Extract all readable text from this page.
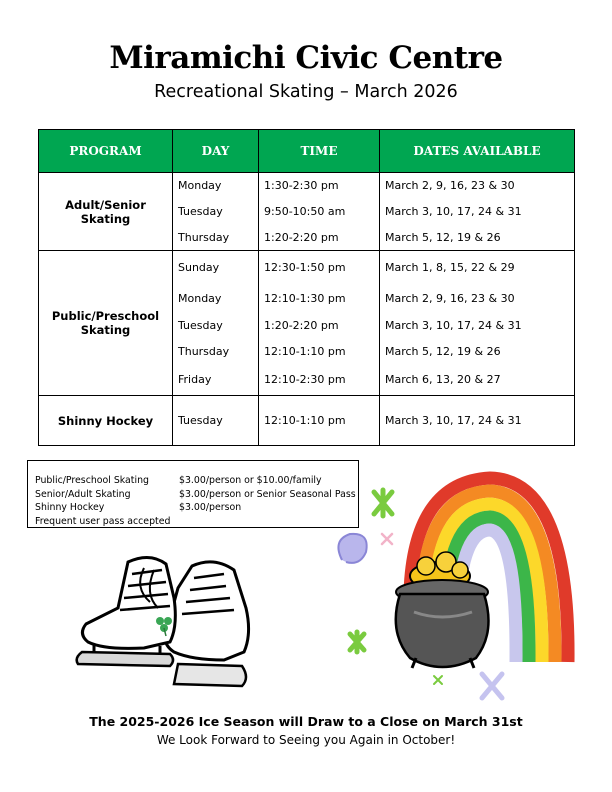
Miramichi Civic Centre
Recreational Skating – March 2026
PROGRAM	DAY	TIME	DATES AVAILABLE
Adult/Senior Skating	Monday	1:30-2:30 pm	March 2, 9, 16, 23 & 30
	Tuesday	9:50-10:50 am	March 3, 10, 17, 24 & 31
	Thursday	1:20-2:20 pm	March 5, 12, 19 & 26
Public/Preschool Skating	Sunday	12:30-1:50 pm	March 1, 8, 15, 22 & 29
	Monday	12:10-1:30 pm	March 2, 9, 16, 23 & 30
	Tuesday	1:20-2:20 pm	March 3, 10, 17, 24 & 31
	Thursday	12:10-1:10 pm	March 5, 12, 19 & 26
	Friday	12:10-2:30 pm	March 6, 13, 20 & 27
Shinny Hockey	Tuesday	12:10-1:10 pm	March 3, 10, 17, 24 & 31
Public/Preschool Skating	$3.00/person or $10.00/family
Senior/Adult Skating	$3.00/person or Senior Seasonal Pass
Shinny Hockey	$3.00/person
Frequent user pass accepted
The 2025-2026 Ice Season will Draw to a Close on March 31st
We Look Forward to Seeing you Again in October!
